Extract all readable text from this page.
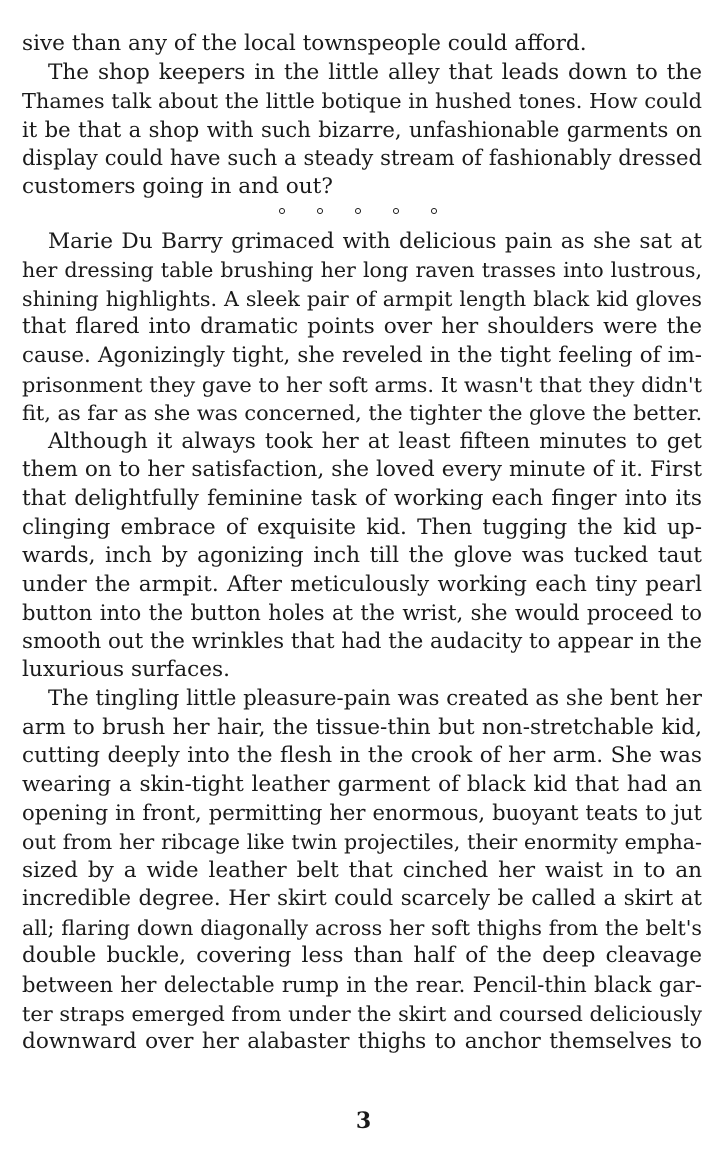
sive than any of the local townspeople could afford.
The shop keepers in the little alley that leads down to the
Thames talk about the little botique in hushed tones. How could
it be that a shop with such bizarre, unfashionable garments on
display could have such a steady stream of fashionably dressed
customers going in and out?
Marie Du Barry grimaced with delicious pain as she sat at
her dressing table brushing her long raven trasses into lustrous,
shining highlights. A sleek pair of armpit length black kid gloves
that flared into dramatic points over her shoulders were the
cause. Agonizingly tight, she reveled in the tight feeling of im-
prisonment they gave to her soft arms. It wasn't that they didn't
fit, as far as she was concerned, the tighter the glove the better.
Although it always took her at least fifteen minutes to get
them on to her satisfaction, she loved every minute of it. First
that delightfully feminine task of working each finger into its
clinging embrace of exquisite kid. Then tugging the kid up-
wards, inch by agonizing inch till the glove was tucked taut
under the armpit. After meticulously working each tiny pearl
button into the button holes at the wrist, she would proceed to
smooth out the wrinkles that had the audacity to appear in the
luxurious surfaces.
The tingling little pleasure-pain was created as she bent her
arm to brush her hair, the tissue-thin but non-stretchable kid,
cutting deeply into the flesh in the crook of her arm. She was
wearing a skin-tight leather garment of black kid that had an
opening in front, permitting her enormous, buoyant teats to jut
out from her ribcage like twin projectiles, their enormity empha-
sized by a wide leather belt that cinched her waist in to an
incredible degree. Her skirt could scarcely be called a skirt at
all; flaring down diagonally across her soft thighs from the belt's
double buckle, covering less than half of the deep cleavage
between her delectable rump in the rear. Pencil-thin black gar-
ter straps emerged from under the skirt and coursed deliciously
downward over her alabaster thighs to anchor themselves to
3
